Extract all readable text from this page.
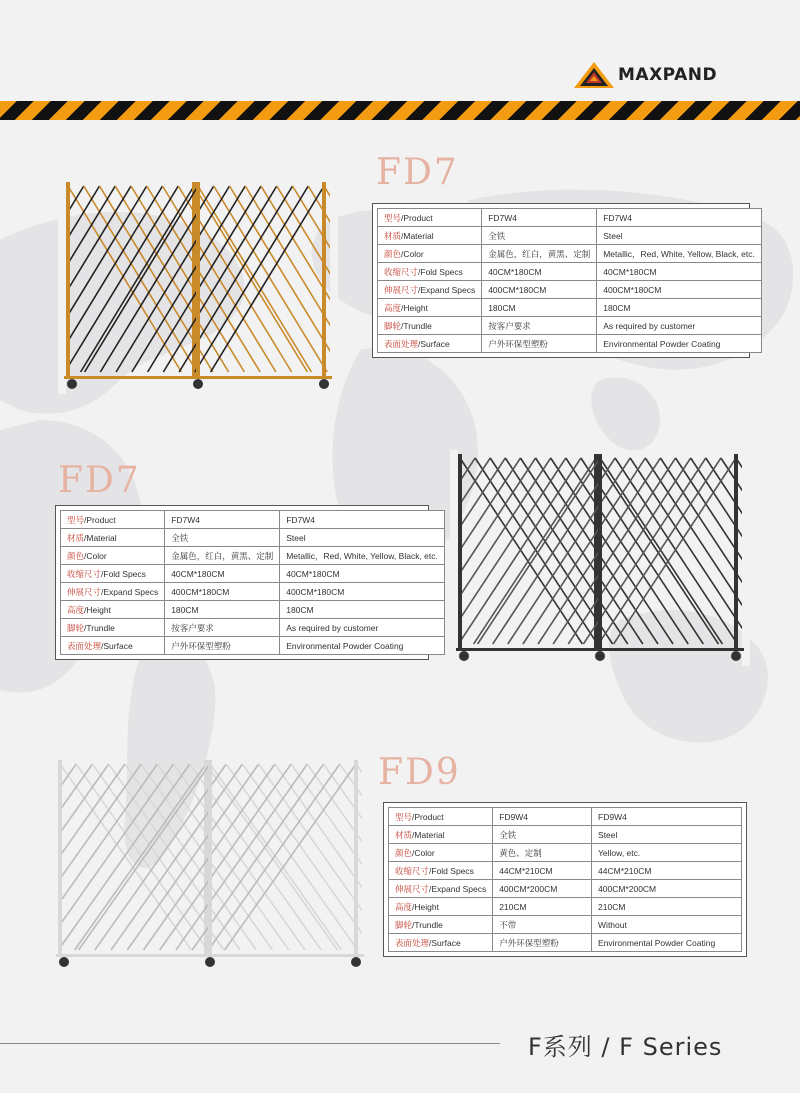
MAXPAND
FD7
型号/Product	FD7W4	FD7W4
材质/Material	全铁	Steel
颜色/Color	金属色，红白，黄黑、定制	Metallic，Red, White, Yellow, Black, etc.
收缩尺寸/Fold Specs	40CM*180CM	40CM*180CM
伸展尺寸/Expand Specs	400CM*180CM	400CM*180CM
高度/Height	180CM	180CM
脚轮/Trundle	按客户要求	As required by customer
表面处理/Surface	户外环保型塑粉	Environmental Powder Coating
FD7
型号/Product	FD7W4	FD7W4
材质/Material	全铁	Steel
颜色/Color	金属色，红白，黄黑、定制	Metallic，Red, White, Yellow, Black, etc.
收缩尺寸/Fold Specs	40CM*180CM	40CM*180CM
伸展尺寸/Expand Specs	400CM*180CM	400CM*180CM
高度/Height	180CM	180CM
脚轮/Trundle	按客户要求	As required by customer
表面处理/Surface	户外环保型塑粉	Environmental Powder Coating
FD9
型号/Product	FD9W4	FD9W4
材质/Material	全铁	Steel
颜色/Color	黄色、定制	Yellow, etc.
收缩尺寸/Fold Specs	44CM*210CM	44CM*210CM
伸展尺寸/Expand Specs	400CM*200CM	400CM*200CM
高度/Height	210CM	210CM
脚轮/Trundle	不带	Without
表面处理/Surface	户外环保型塑粉	Environmental Powder Coating
F系列 / F Series
